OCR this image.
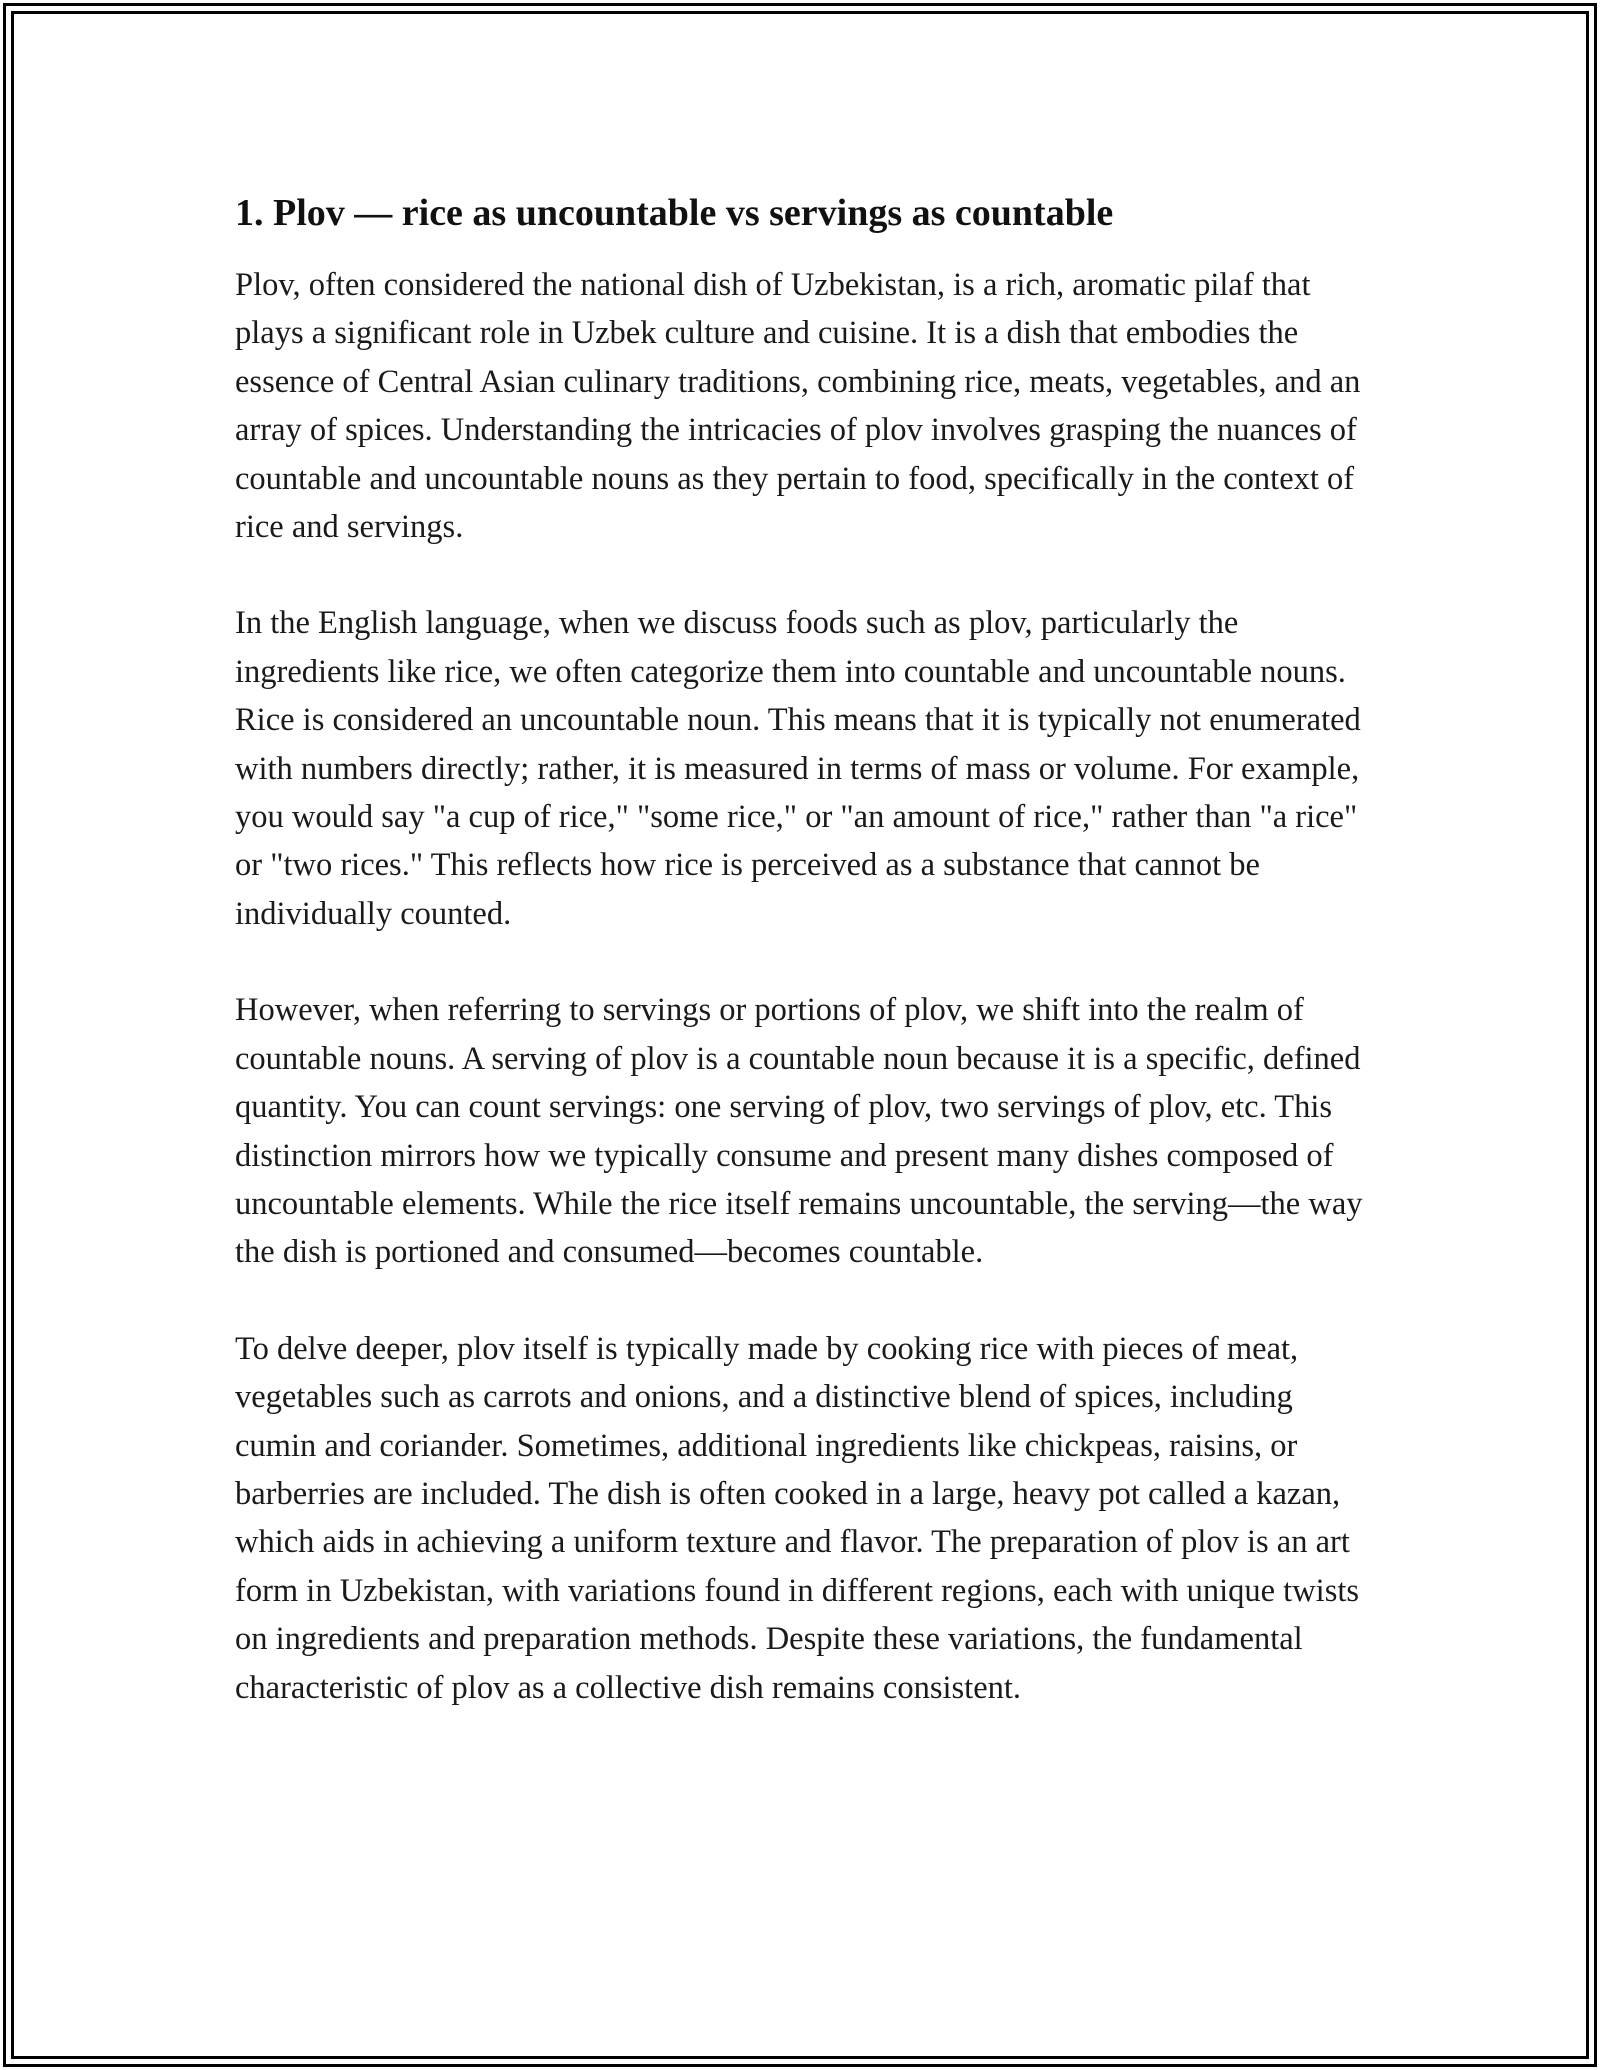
1. Plov — rice as uncountable vs servings as countable

Plov, often considered the national dish of Uzbekistan, is a rich, aromatic pilaf that plays a significant role in Uzbek culture and cuisine. It is a dish that embodies the essence of Central Asian culinary traditions, combining rice, meats, vegetables, and an array of spices. Understanding the intricacies of plov involves grasping the nuances of countable and uncountable nouns as they pertain to food, specifically in the context of rice and servings.

In the English language, when we discuss foods such as plov, particularly the ingredients like rice, we often categorize them into countable and uncountable nouns. Rice is considered an uncountable noun. This means that it is typically not enumerated with numbers directly; rather, it is measured in terms of mass or volume. For example, you would say "a cup of rice," "some rice," or "an amount of rice," rather than "a rice" or "two rices." This reflects how rice is perceived as a substance that cannot be individually counted.

However, when referring to servings or portions of plov, we shift into the realm of countable nouns. A serving of plov is a countable noun because it is a specific, defined quantity. You can count servings: one serving of plov, two servings of plov, etc. This distinction mirrors how we typically consume and present many dishes composed of uncountable elements. While the rice itself remains uncountable, the serving—the way the dish is portioned and consumed—becomes countable.

To delve deeper, plov itself is typically made by cooking rice with pieces of meat, vegetables such as carrots and onions, and a distinctive blend of spices, including cumin and coriander. Sometimes, additional ingredients like chickpeas, raisins, or barberries are included. The dish is often cooked in a large, heavy pot called a kazan, which aids in achieving a uniform texture and flavor. The preparation of plov is an art form in Uzbekistan, with variations found in different regions, each with unique twists on ingredients and preparation methods. Despite these variations, the fundamental characteristic of plov as a collective dish remains consistent.
